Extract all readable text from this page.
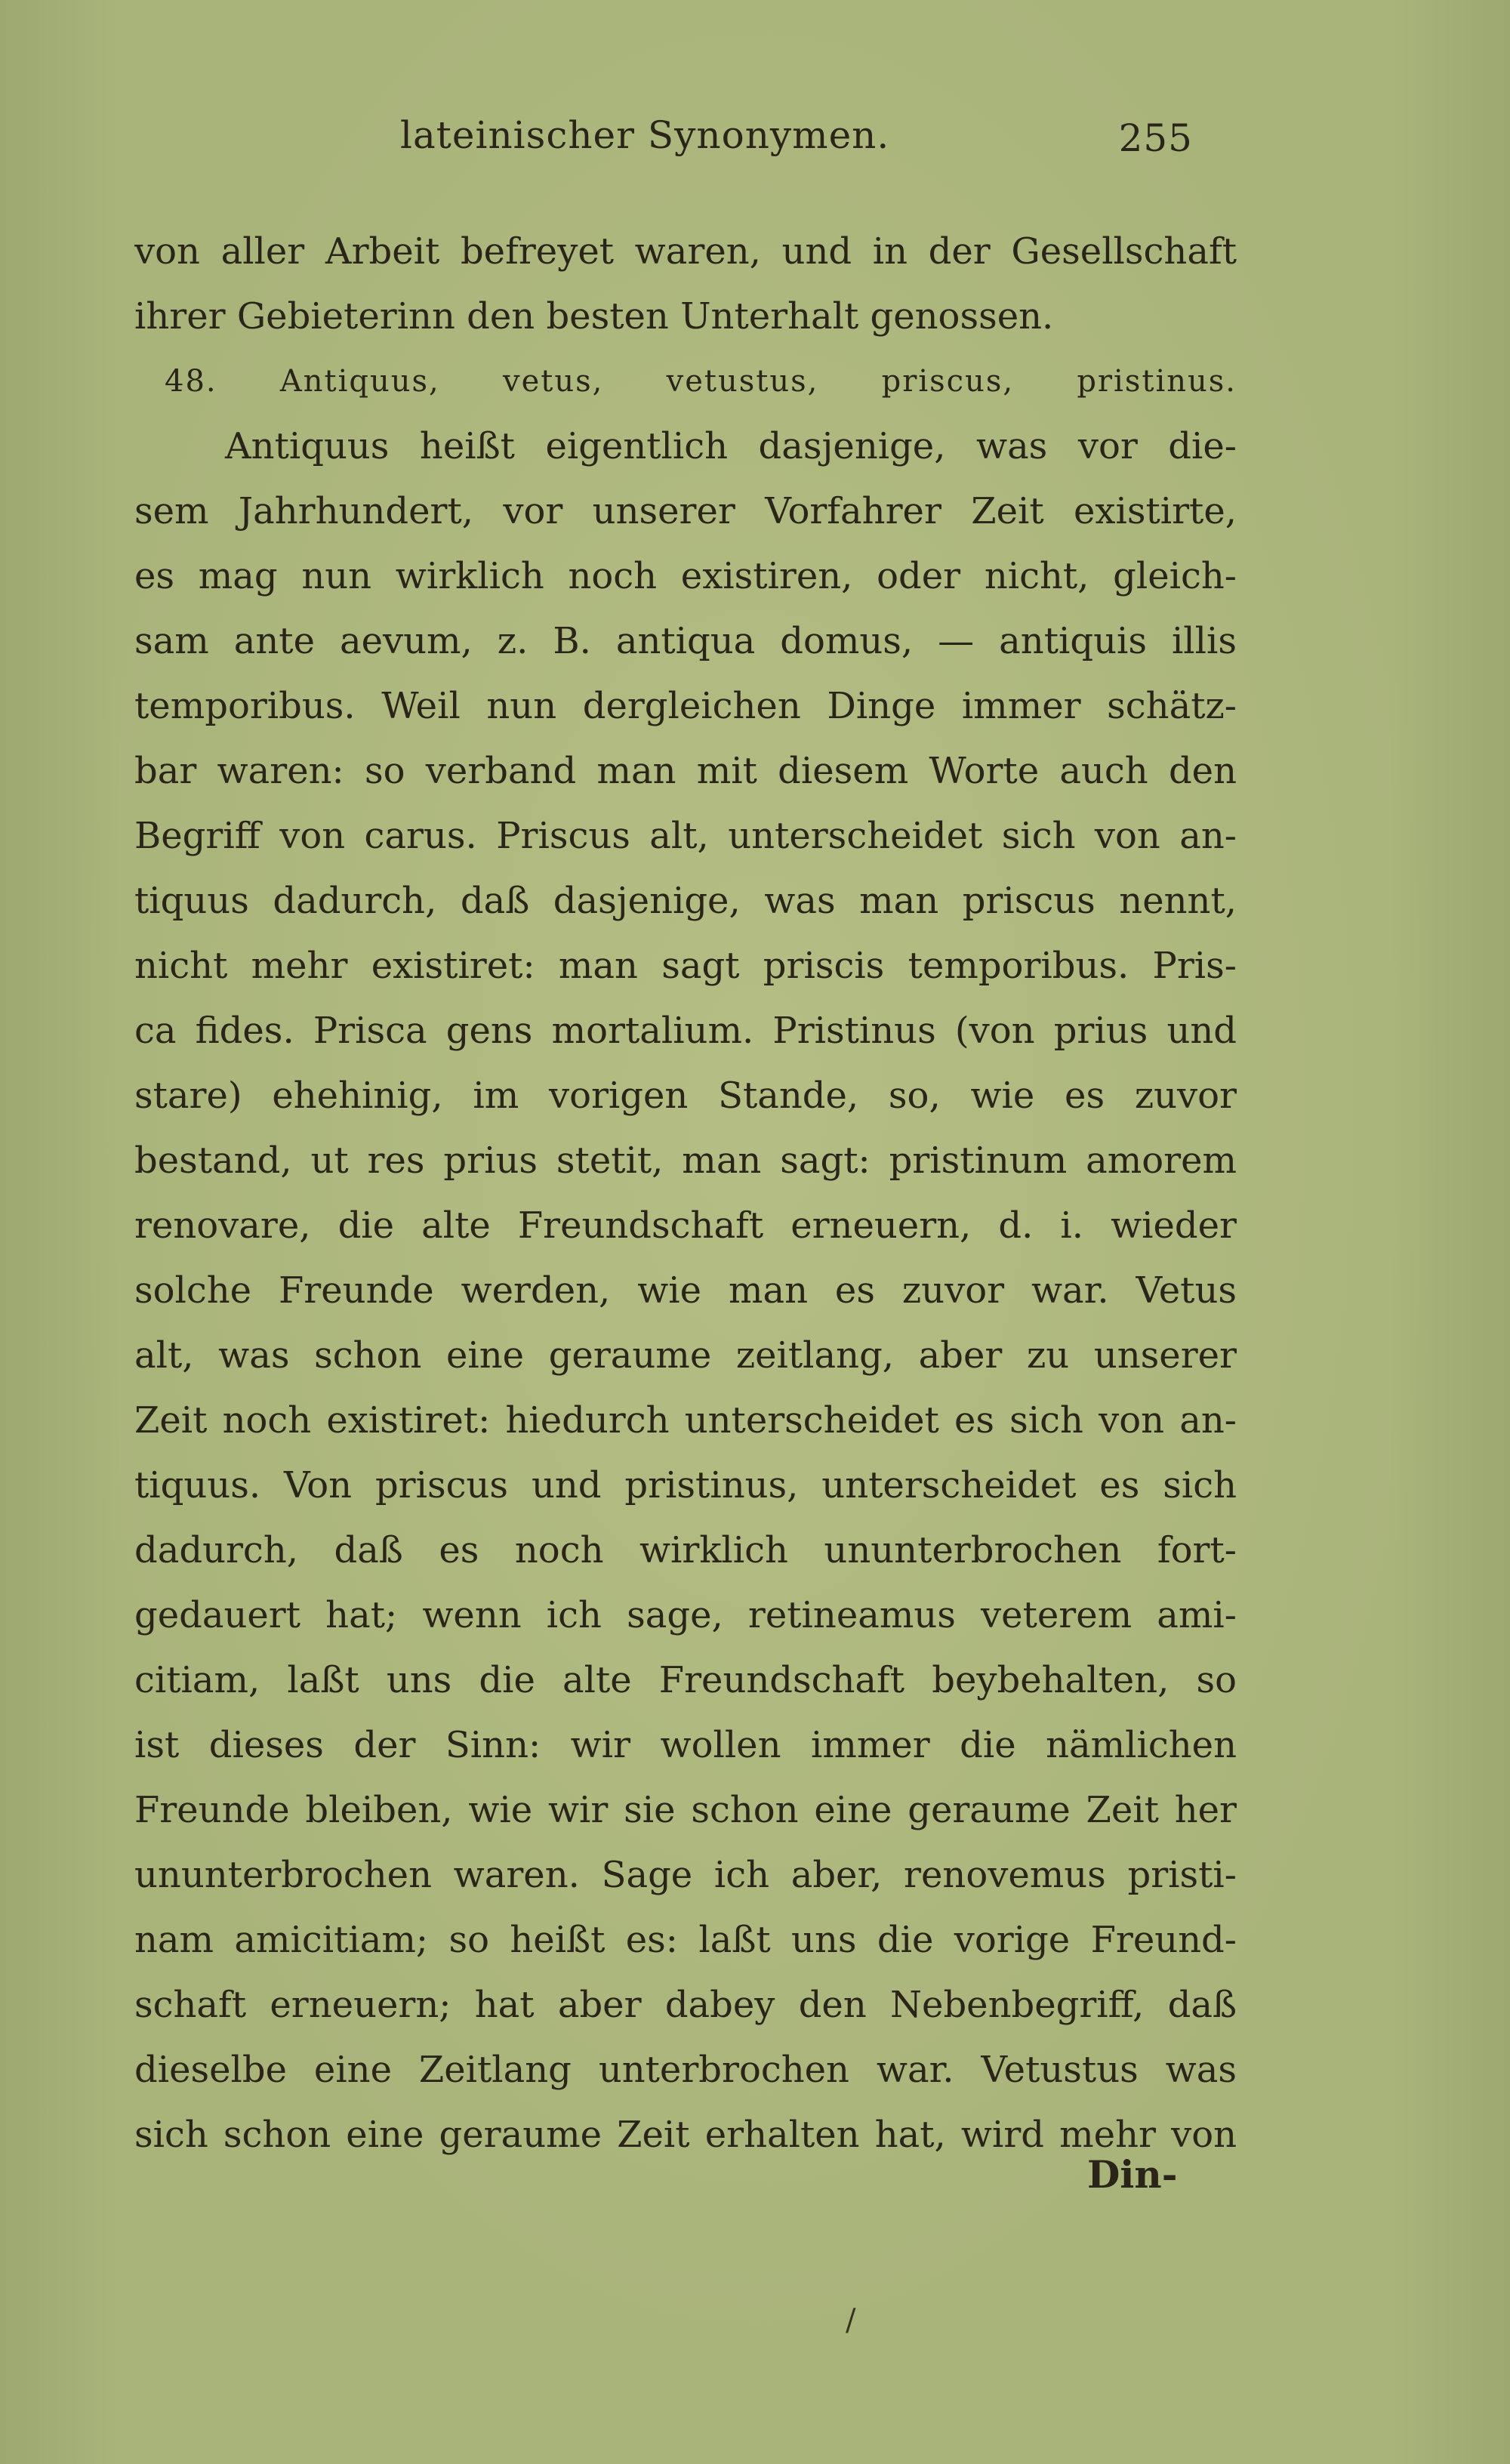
lateinischer Synonymen.	255
von aller Arbeit befreyet waren, und in der Gesellschaft
ihrer Gebieterinn den besten Unterhalt genossen.
48. Antiquus, vetus, vetustus, priscus, pristinus.
Antiquus heißt eigentlich dasjenige, was vor die-
sem Jahrhundert, vor unserer Vorfahrer Zeit existirte,
es mag nun wirklich noch existiren, oder nicht, gleich-
sam ante aevum, z. B. antiqua domus, — antiquis illis
temporibus. Weil nun dergleichen Dinge immer schätz-
bar waren: so verband man mit diesem Worte auch den
Begriff von carus. Priscus alt, unterscheidet sich von an-
tiquus dadurch, daß dasjenige, was man priscus nennt,
nicht mehr existiret: man sagt priscis temporibus. Pris-
ca fides. Prisca gens mortalium. Pristinus (von prius und
stare) ehehinig, im vorigen Stande, so, wie es zuvor
bestand, ut res prius stetit, man sagt: pristinum amorem
renovare, die alte Freundschaft erneuern, d. i. wieder
solche Freunde werden, wie man es zuvor war. Vetus
alt, was schon eine geraume zeitlang, aber zu unserer
Zeit noch existiret: hiedurch unterscheidet es sich von an-
tiquus. Von priscus und pristinus, unterscheidet es sich
dadurch, daß es noch wirklich ununterbrochen fort-
gedauert hat; wenn ich sage, retineamus veterem ami-
citiam, laßt uns die alte Freundschaft beybehalten, so
ist dieses der Sinn: wir wollen immer die nämlichen
Freunde bleiben, wie wir sie schon eine geraume Zeit her
ununterbrochen waren. Sage ich aber, renovemus pristi-
nam amicitiam; so heißt es: laßt uns die vorige Freund-
schaft erneuern; hat aber dabey den Nebenbegriff, daß
dieselbe eine Zeitlang unterbrochen war. Vetustus was
sich schon eine geraume Zeit erhalten hat, wird mehr von
Din-
/
